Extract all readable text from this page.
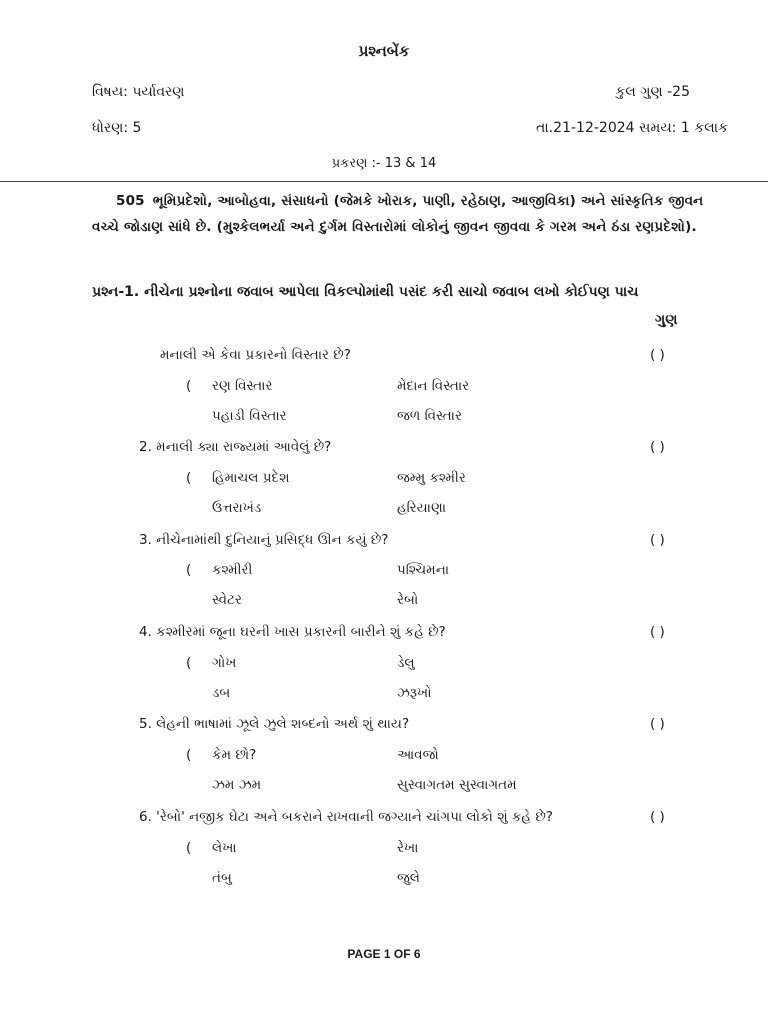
પ્રશ્નબેંક
વિષય: પર્યાવરણ	કુલ ગુણ -25
ધોરણ: 5	તા.21-12-2024 સમય: 1 કલાક
પ્રકરણ :- 13 & 14
505 ભૂમિપ્રદેશો, આબોહવા, સંસાધનો (જેમકે ખોરાક, પાણી, રહેઠાણ, આજીવિકા) અને સાંસ્કૃતિક જીવન વચ્ચે જોડાણ સાંધે છે. (મુશ્કેલભર્યા અને દુર્ગમ વિસ્તારોમાં લોકોનું જીવન જીવવા કે ગરમ અને ઠંડા રણપ્રદેશો).
પ્રશ્ન-1. નીચેના પ્રશ્નોના જવાબ આપેલા વિકલ્પોમાંથી પસંદ કરી સાચો જવાબ લખો કોઈપણ પાચ
ગુણ
મનાલી એ કેવા પ્રકારનો વિસ્તાર છે?	( )
( રણ વિસ્તાર	મેદાન વિસ્તાર
પહાડી વિસ્તાર	જળ વિસ્તાર
2. મનાલી ક્યા રાજ્યમાં આવેલું છે?	( )
( હિમાચલ પ્રદેશ	જમ્મુ કશ્મીર
ઉત્તરાખંડ	હરિયાણા
3. નીચેનામાંથી દુનિયાનું પ્રસિદ્ધ ઊન કયું છે?	( )
( કશ્મીરી	પશ્ચિમના
સ્વેટર	રેબો
4. કશ્મીરમાં જૂના ઘરની ખાસ પ્રકારની બારીને શું કહે છે?	( )
( ગોખ	ડેલુ
ડબ	ઝરૂખો
5. લેહની ભાષામાં ઝૂલે ઝુલે શબ્દનો અર્થ શું થાય?	( )
( કેમ છો?	આવજો
ઝમ ઝમ	સુસ્વાગતમ સુસ્વાગતમ
6. 'રેબો' નજીક ઘેટા અને બકરાને રાખવાની જગ્યાને ચાંગપા લોકો શું કહે છે?	( )
( લેખા	રેખા
તંબુ	જુલે
PAGE 1 OF 6
